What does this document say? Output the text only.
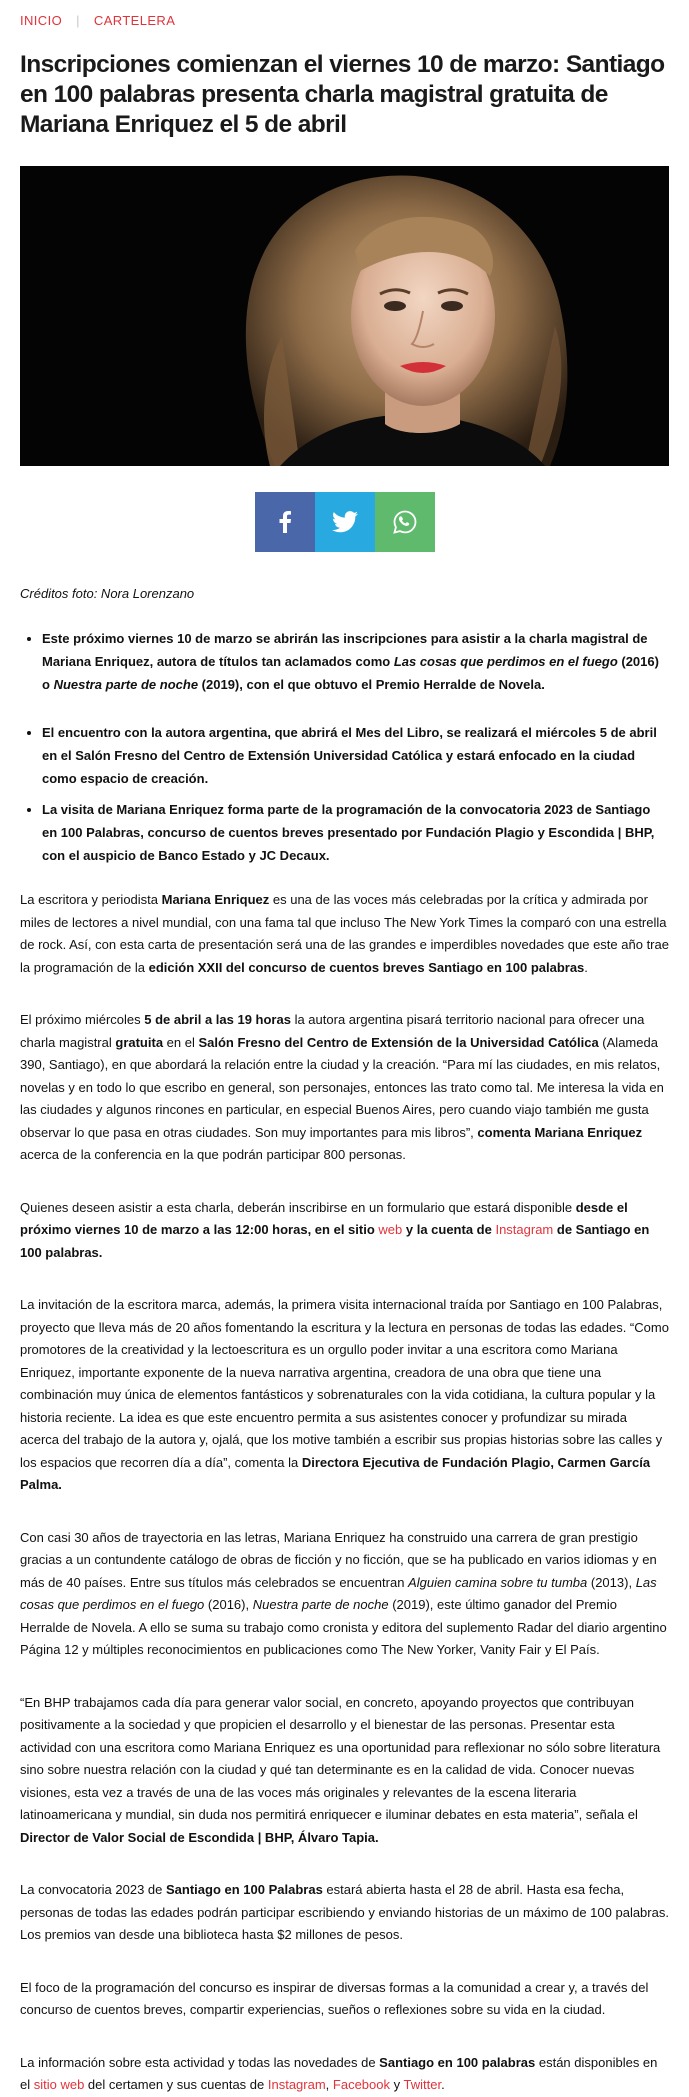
INICIO | CARTELERA
Inscripciones comienzan el viernes 10 de marzo: Santiago en 100 palabras presenta charla magistral gratuita de Mariana Enriquez el 5 de abril
Créditos foto: Nora Lorenzano
• Este próximo viernes 10 de marzo se abrirán las inscripciones para asistir a la charla magistral de Mariana Enriquez, autora de títulos tan aclamados como Las cosas que perdimos en el fuego (2016) o Nuestra parte de noche (2019), con el que obtuvo el Premio Herralde de Novela.
• El encuentro con la autora argentina, que abrirá el Mes del Libro, se realizará el miércoles 5 de abril en el Salón Fresno del Centro de Extensión Universidad Católica y estará enfocado en la ciudad como espacio de creación.
• La visita de Mariana Enriquez forma parte de la programación de la convocatoria 2023 de Santiago en 100 Palabras, concurso de cuentos breves presentado por Fundación Plagio y Escondida | BHP, con el auspicio de Banco Estado y JC Decaux.

La escritora y periodista Mariana Enriquez es una de las voces más celebradas por la crítica y admirada por miles de lectores a nivel mundial, con una fama tal que incluso The New York Times la comparó con una estrella de rock. Así, con esta carta de presentación será una de las grandes e imperdibles novedades que este año trae la programación de la edición XXII del concurso de cuentos breves Santiago en 100 palabras.

El próximo miércoles 5 de abril a las 19 horas la autora argentina pisará territorio nacional para ofrecer una charla magistral gratuita en el Salón Fresno del Centro de Extensión de la Universidad Católica (Alameda 390, Santiago), en que abordará la relación entre la ciudad y la creación. “Para mí las ciudades, en mis relatos, novelas y en todo lo que escribo en general, son personajes, entonces las trato como tal. Me interesa la vida en las ciudades y algunos rincones en particular, en especial Buenos Aires, pero cuando viajo también me gusta observar lo que pasa en otras ciudades. Son muy importantes para mis libros”, comenta Mariana Enriquez acerca de la conferencia en la que podrán participar 800 personas.

Quienes deseen asistir a esta charla, deberán inscribirse en un formulario que estará disponible desde el próximo viernes 10 de marzo a las 12:00 horas, en el sitio web y la cuenta de Instagram de Santiago en 100 palabras.

La invitación de la escritora marca, además, la primera visita internacional traída por Santiago en 100 Palabras, proyecto que lleva más de 20 años fomentando la escritura y la lectura en personas de todas las edades. “Como promotores de la creatividad y la lectoescritura es un orgullo poder invitar a una escritora como Mariana Enriquez, importante exponente de la nueva narrativa argentina, creadora de una obra que tiene una combinación muy única de elementos fantásticos y sobrenaturales con la vida cotidiana, la cultura popular y la historia reciente. La idea es que este encuentro permita a sus asistentes conocer y profundizar su mirada acerca del trabajo de la autora y, ojalá, que los motive también a escribir sus propias historias sobre las calles y los espacios que recorren día a día”, comenta la Directora Ejecutiva de Fundación Plagio, Carmen García Palma.

Con casi 30 años de trayectoria en las letras, Mariana Enriquez ha construido una carrera de gran prestigio gracias a un contundente catálogo de obras de ficción y no ficción, que se ha publicado en varios idiomas y en más de 40 países. Entre sus títulos más celebrados se encuentran Alguien camina sobre tu tumba (2013), Las cosas que perdimos en el fuego (2016), Nuestra parte de noche (2019), este último ganador del Premio Herralde de Novela. A ello se suma su trabajo como cronista y editora del suplemento Radar del diario argentino Página 12 y múltiples reconocimientos en publicaciones como The New Yorker, Vanity Fair y El País.

“En BHP trabajamos cada día para generar valor social, en concreto, apoyando proyectos que contribuyan positivamente a la sociedad y que propicien el desarrollo y el bienestar de las personas. Presentar esta actividad con una escritora como Mariana Enriquez es una oportunidad para reflexionar no sólo sobre literatura sino sobre nuestra relación con la ciudad y qué tan determinante es en la calidad de vida. Conocer nuevas visiones, esta vez a través de una de las voces más originales y relevantes de la escena literaria latinoamericana y mundial, sin duda nos permitirá enriquecer e iluminar debates en esta materia”, señala el Director de Valor Social de Escondida | BHP, Álvaro Tapia.

La convocatoria 2023 de Santiago en 100 Palabras estará abierta hasta el 28 de abril. Hasta esa fecha, personas de todas las edades podrán participar escribiendo y enviando historias de un máximo de 100 palabras. Los premios van desde una biblioteca hasta $2 millones de pesos.

El foco de la programación del concurso es inspirar de diversas formas a la comunidad a crear y, a través del concurso de cuentos breves, compartir experiencias, sueños o reflexiones sobre su vida en la ciudad.

La información sobre esta actividad y todas las novedades de Santiago en 100 palabras están disponibles en el sitio web del certamen y sus cuentas de Instagram, Facebook y Twitter.
